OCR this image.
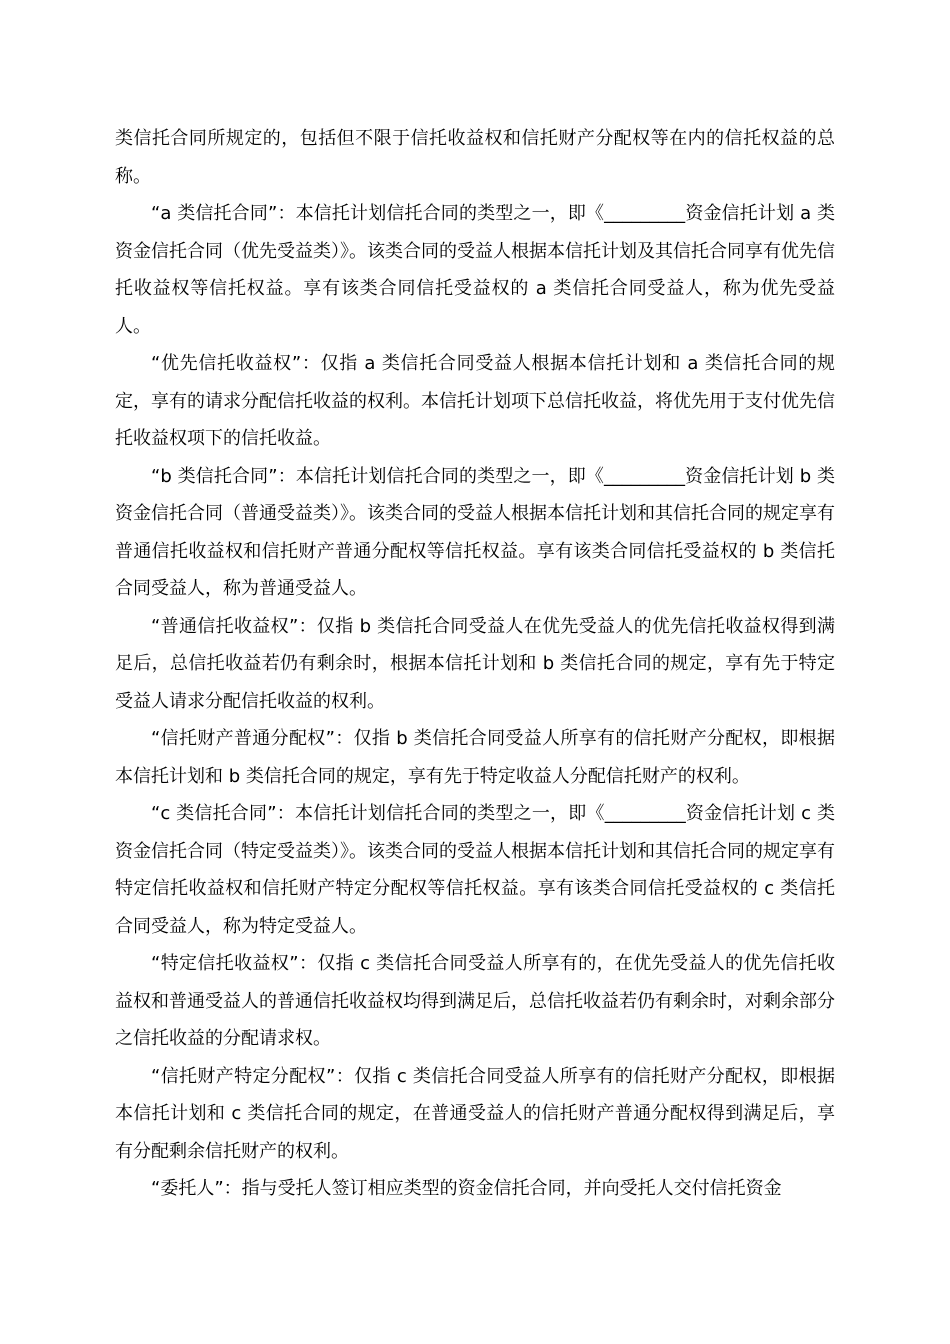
类信托合同所规定的，包括但不限于信托收益权和信托财产分配权等在内的信托权益的总称。

“a 类信托合同”：本信托计划信托合同的类型之一，即《_________资金信托计划 a 类资金信托合同（优先受益类）》。该类合同的受益人根据本信托计划及其信托合同享有优先信托收益权等信托权益。享有该类合同信托受益权的 a 类信托合同受益人，称为优先受益人。

“优先信托收益权”：仅指 a 类信托合同受益人根据本信托计划和 a 类信托合同的规定，享有的请求分配信托收益的权利。本信托计划项下总信托收益，将优先用于支付优先信托收益权项下的信托收益。

“b 类信托合同”：本信托计划信托合同的类型之一，即《_________资金信托计划 b 类资金信托合同（普通受益类）》。该类合同的受益人根据本信托计划和其信托合同的规定享有普通信托收益权和信托财产普通分配权等信托权益。享有该类合同信托受益权的 b 类信托合同受益人，称为普通受益人。

“普通信托收益权”：仅指 b 类信托合同受益人在优先受益人的优先信托收益权得到满足后，总信托收益若仍有剩余时，根据本信托计划和 b 类信托合同的规定，享有先于特定受益人请求分配信托收益的权利。

“信托财产普通分配权”：仅指 b 类信托合同受益人所享有的信托财产分配权，即根据本信托计划和 b 类信托合同的规定，享有先于特定收益人分配信托财产的权利。

“c 类信托合同”：本信托计划信托合同的类型之一，即《_________资金信托计划 c 类资金信托合同（特定受益类）》。该类合同的受益人根据本信托计划和其信托合同的规定享有特定信托收益权和信托财产特定分配权等信托权益。享有该类合同信托受益权的 c 类信托合同受益人，称为特定受益人。

“特定信托收益权”：仅指 c 类信托合同受益人所享有的，在优先受益人的优先信托收益权和普通受益人的普通信托收益权均得到满足后，总信托收益若仍有剩余时，对剩余部分之信托收益的分配请求权。

“信托财产特定分配权”：仅指 c 类信托合同受益人所享有的信托财产分配权，即根据本信托计划和 c 类信托合同的规定，在普通受益人的信托财产普通分配权得到满足后，享有分配剩余信托财产的权利。

“委托人”：指与受托人签订相应类型的资金信托合同，并向受托人交付信托资金
